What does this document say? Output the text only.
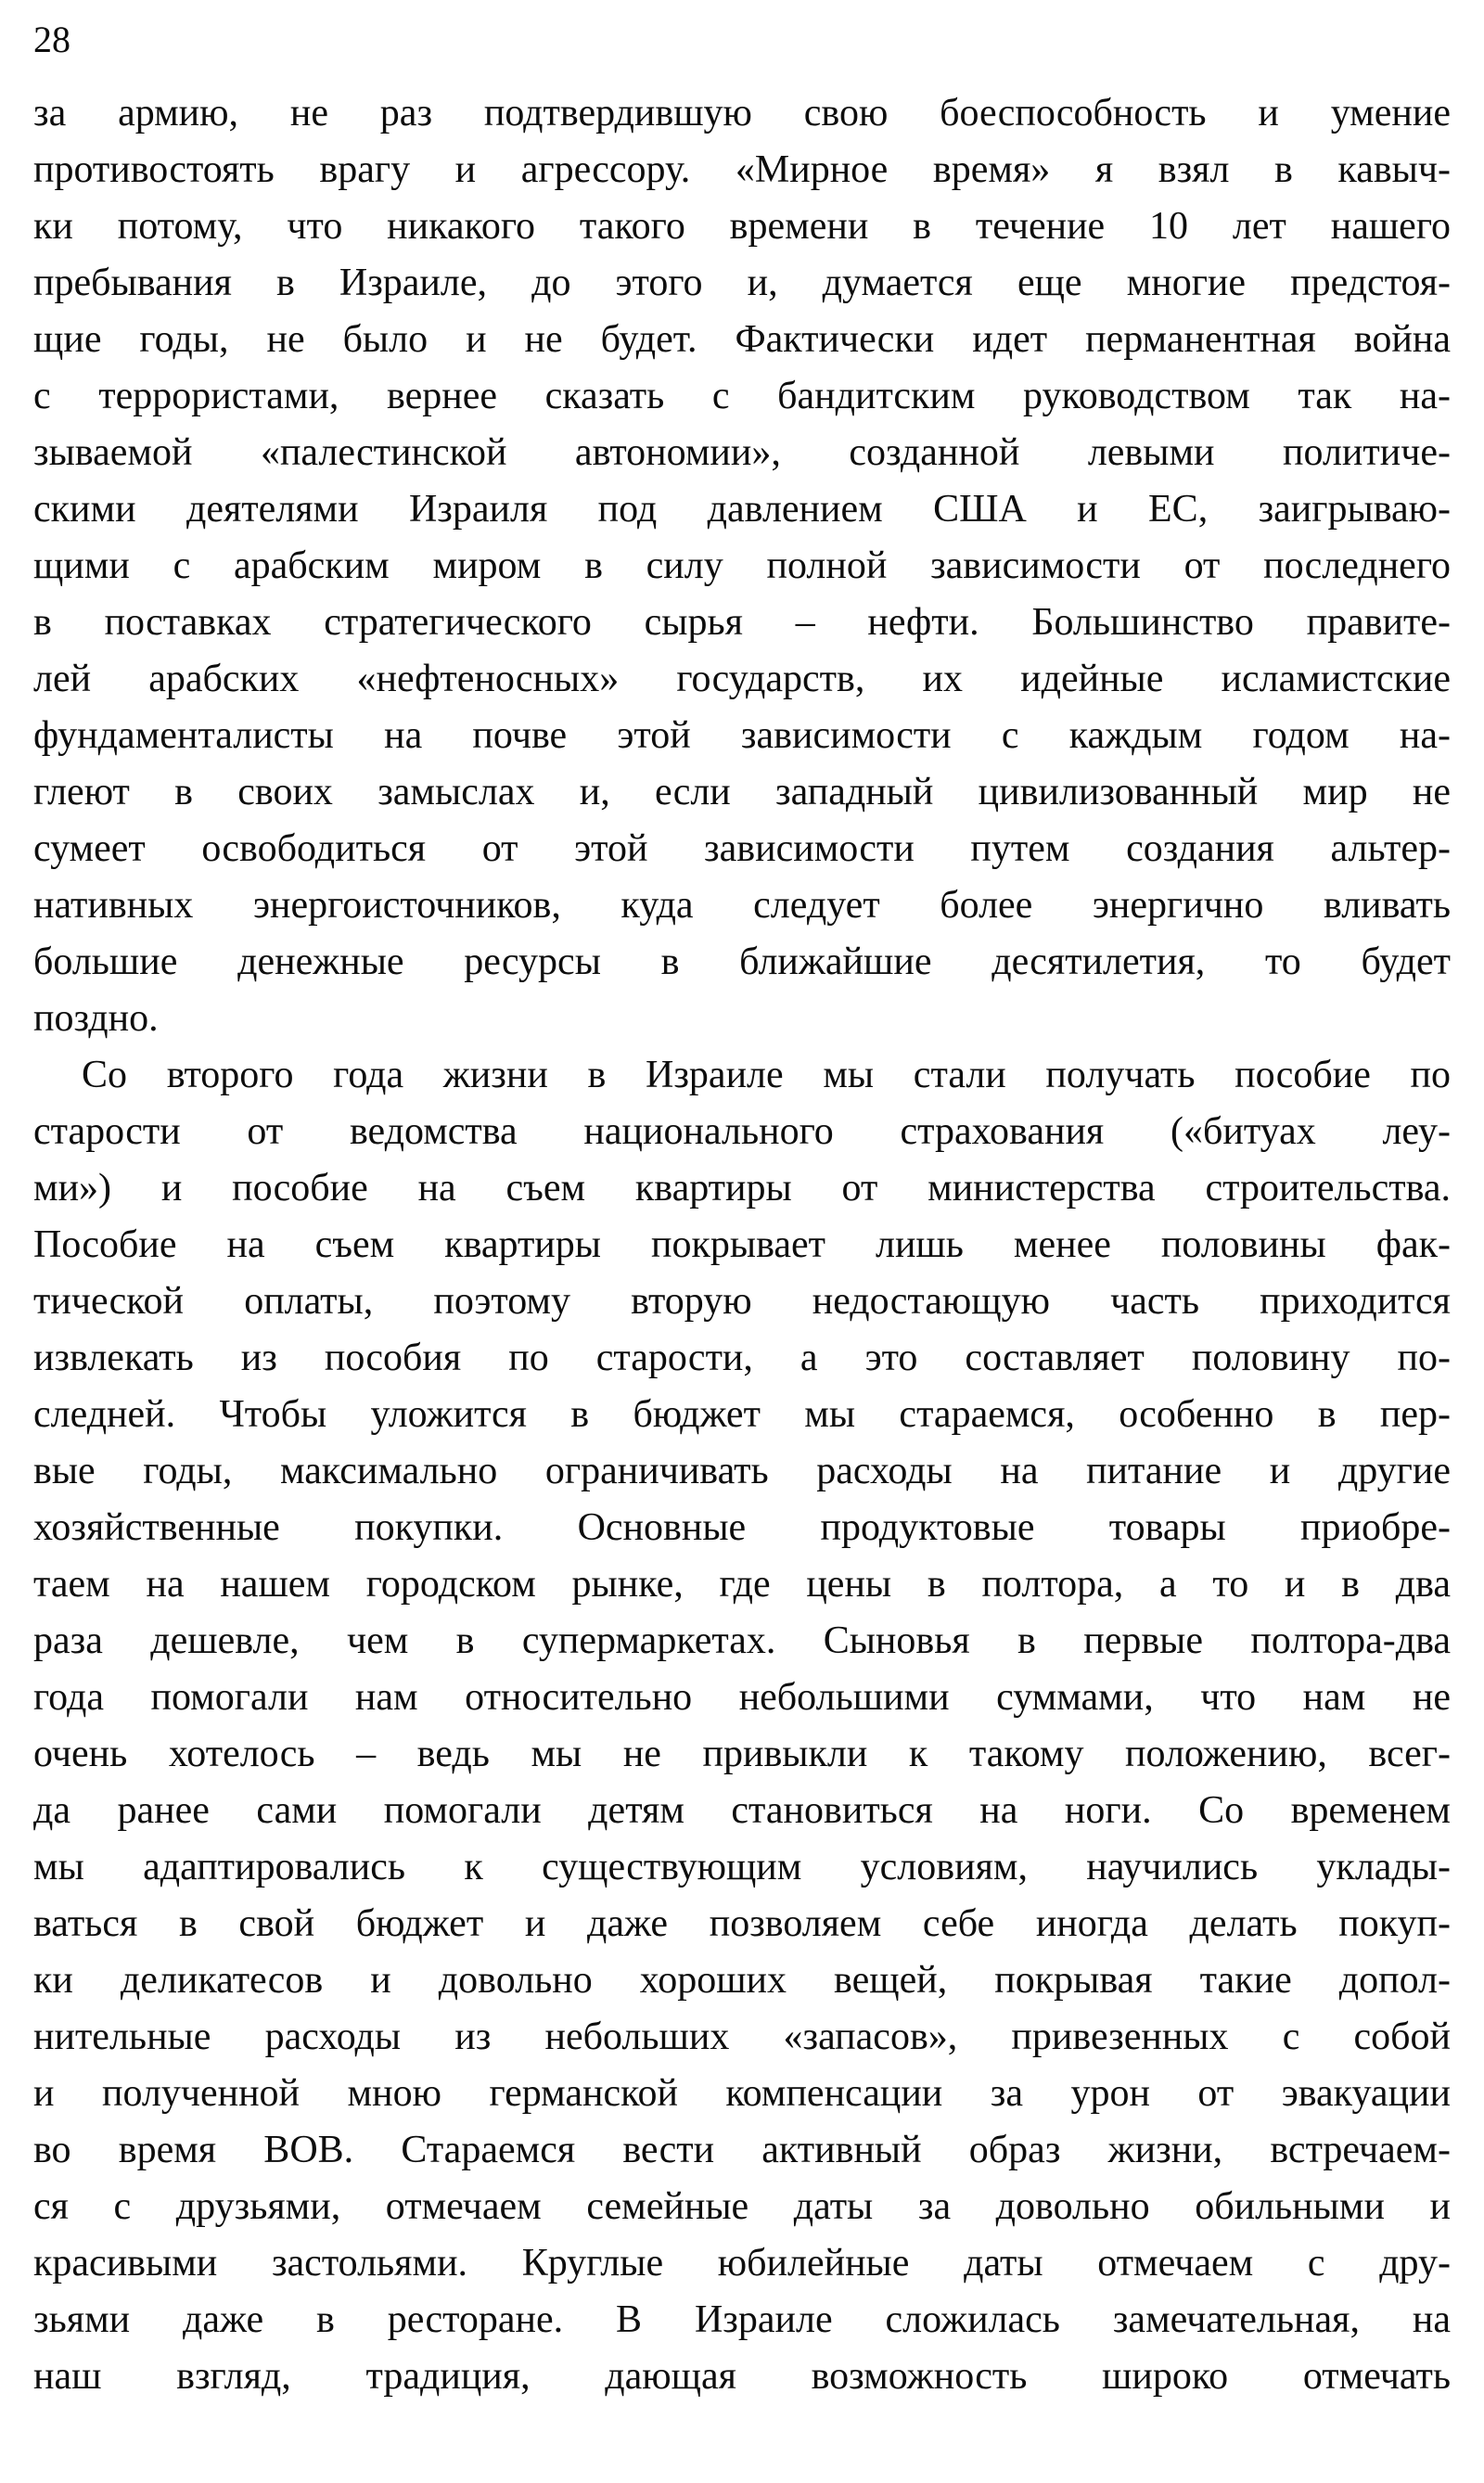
28
за армию, не раз подтвердившую свою боеспособность и умение
противостоять врагу и агрессору. «Мирное время» я взял в кавыч-
ки потому, что никакого такого времени в течение 10 лет нашего
пребывания в Израиле, до этого и, думается еще многие предстоя-
щие годы, не было и не будет. Фактически идет перманентная война
с террористами, вернее сказать с бандитским руководством так на-
зываемой «палестинской автономии», созданной левыми политиче-
скими деятелями Израиля под давлением США и ЕС, заигрываю-
щими с арабским миром в силу полной зависимости от последнего
в поставках стратегического сырья – нефти. Большинство правите-
лей арабских «нефтеносных» государств, их идейные исламистские
фундаменталисты на почве этой зависимости с каждым годом на-
глеют в своих замыслах и, если западный цивилизованный мир не
сумеет освободиться от этой зависимости путем создания альтер-
нативных энергоисточников, куда следует более энергично вливать
большие денежные ресурсы в ближайшие десятилетия, то будет
поздно.
Со второго года жизни в Израиле мы стали получать пособие по
старости от ведомства национального страхования («битуах леу-
ми») и пособие на съем квартиры от министерства строительства.
Пособие на съем квартиры покрывает лишь менее половины фак-
тической оплаты, поэтому вторую недостающую часть приходится
извлекать из пособия по старости, а это составляет половину по-
следней. Чтобы уложится в бюджет мы стараемся, особенно в пер-
вые годы, максимально ограничивать расходы на питание и другие
хозяйственные покупки. Основные продуктовые товары приобре-
таем на нашем городском рынке, где цены в полтора, а то и в два
раза дешевле, чем в супермаркетах. Сыновья в первые полтора-два
года помогали нам относительно небольшими суммами, что нам не
очень хотелось – ведь мы не привыкли к такому положению, всег-
да ранее сами помогали детям становиться на ноги. Со временем
мы адаптировались к существующим условиям, научились уклады-
ваться в свой бюджет и даже позволяем себе иногда делать покуп-
ки деликатесов и довольно хороших вещей, покрывая такие допол-
нительные расходы из небольших «запасов», привезенных с собой
и полученной мною германской компенсации за урон от эвакуации
во время ВОВ. Стараемся вести активный образ жизни, встречаем-
ся с друзьями, отмечаем семейные даты за довольно обильными и
красивыми застольями. Круглые юбилейные даты отмечаем с дру-
зьями даже в ресторане. В Израиле сложилась замечательная, на
наш взгляд, традиция, дающая возможность широко отмечать
